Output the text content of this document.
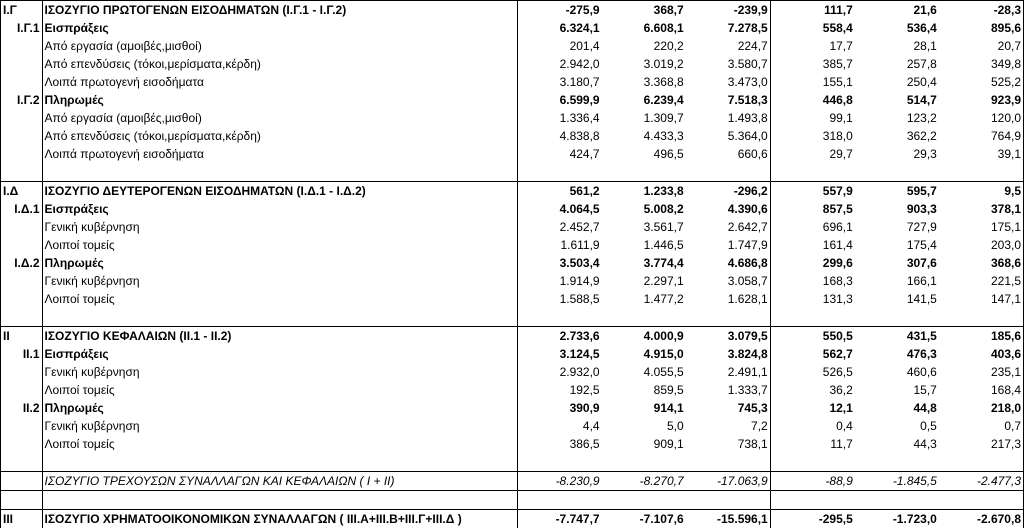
Ι.Γ	ΙΣΟΖΥΓΙΟ ΠΡΩΤΟΓΕΝΩΝ ΕΙΣΟΔΗΜΑΤΩΝ (Ι.Γ.1 - Ι.Γ.2)	-275,9	368,7	-239,9	111,7	21,6	-28,3
Ι.Γ.1	Εισπράξεις	6.324,1	6.608,1	7.278,5	558,4	536,4	895,6
	Από εργασία (αμοιβές,μισθοί)	201,4	220,2	224,7	17,7	28,1	20,7
	Από επενδύσεις (τόκοι,μερίσματα,κέρδη)	2.942,0	3.019,2	3.580,7	385,7	257,8	349,8
	Λοιπά πρωτογενή εισοδήματα	3.180,7	3.368,8	3.473,0	155,1	250,4	525,2
Ι.Γ.2	Πληρωμές	6.599,9	6.239,4	7.518,3	446,8	514,7	923,9
	Από εργασία (αμοιβές,μισθοί)	1.336,4	1.309,7	1.493,8	99,1	123,2	120,0
	Από επενδύσεις (τόκοι,μερίσματα,κέρδη)	4.838,8	4.433,3	5.364,0	318,0	362,2	764,9
	Λοιπά πρωτογενή εισοδήματα	424,7	496,5	660,6	29,7	29,3	39,1

Ι.Δ	ΙΣΟΖΥΓΙΟ ΔΕΥΤΕΡΟΓΕΝΩΝ ΕΙΣΟΔΗΜΑΤΩΝ (Ι.Δ.1 - Ι.Δ.2)	561,2	1.233,8	-296,2	557,9	595,7	9,5
Ι.Δ.1	Εισπράξεις	4.064,5	5.008,2	4.390,6	857,5	903,3	378,1
	Γενική κυβέρνηση	2.452,7	3.561,7	2.642,7	696,1	727,9	175,1
	Λοιποί τομείς	1.611,9	1.446,5	1.747,9	161,4	175,4	203,0
Ι.Δ.2	Πληρωμές	3.503,4	3.774,4	4.686,8	299,6	307,6	368,6
	Γενική κυβέρνηση	1.914,9	2.297,1	3.058,7	168,3	166,1	221,5
	Λοιποί τομείς	1.588,5	1.477,2	1.628,1	131,3	141,5	147,1

ΙΙ	ΙΣΟΖΥΓΙΟ ΚΕΦΑΛΑΙΩΝ (ΙΙ.1 - ΙΙ.2)	2.733,6	4.000,9	3.079,5	550,5	431,5	185,6
ΙΙ.1	Εισπράξεις	3.124,5	4.915,0	3.824,8	562,7	476,3	403,6
	Γενική κυβέρνηση	2.932,0	4.055,5	2.491,1	526,5	460,6	235,1
	Λοιποί τομείς	192,5	859,5	1.333,7	36,2	15,7	168,4
ΙΙ.2	Πληρωμές	390,9	914,1	745,3	12,1	44,8	218,0
	Γενική κυβέρνηση	4,4	5,0	7,2	0,4	0,5	0,7
	Λοιποί τομείς	386,5	909,1	738,1	11,7	44,3	217,3

	ΙΣΟΖΥΓΙΟ ΤΡΕΧΟΥΣΩΝ ΣΥΝΑΛΛΑΓΩΝ ΚΑΙ ΚΕΦΑΛΑΙΩΝ ( Ι + ΙΙ)	-8.230,9	-8.270,7	-17.063,9	-88,9	-1.845,5	-2.477,3

ΙΙΙ	ΙΣΟΖΥΓΙΟ ΧΡΗΜΑΤΟΟΙΚΟΝΟΜΙΚΩΝ ΣΥΝΑΛΛΑΓΩΝ ( ΙΙΙ.Α+ΙΙΙ.Β+ΙΙΙ.Γ+ΙΙΙ.Δ )	-7.747,7	-7.107,6	-15.596,1	-295,5	-1.723,0	-2.670,8
